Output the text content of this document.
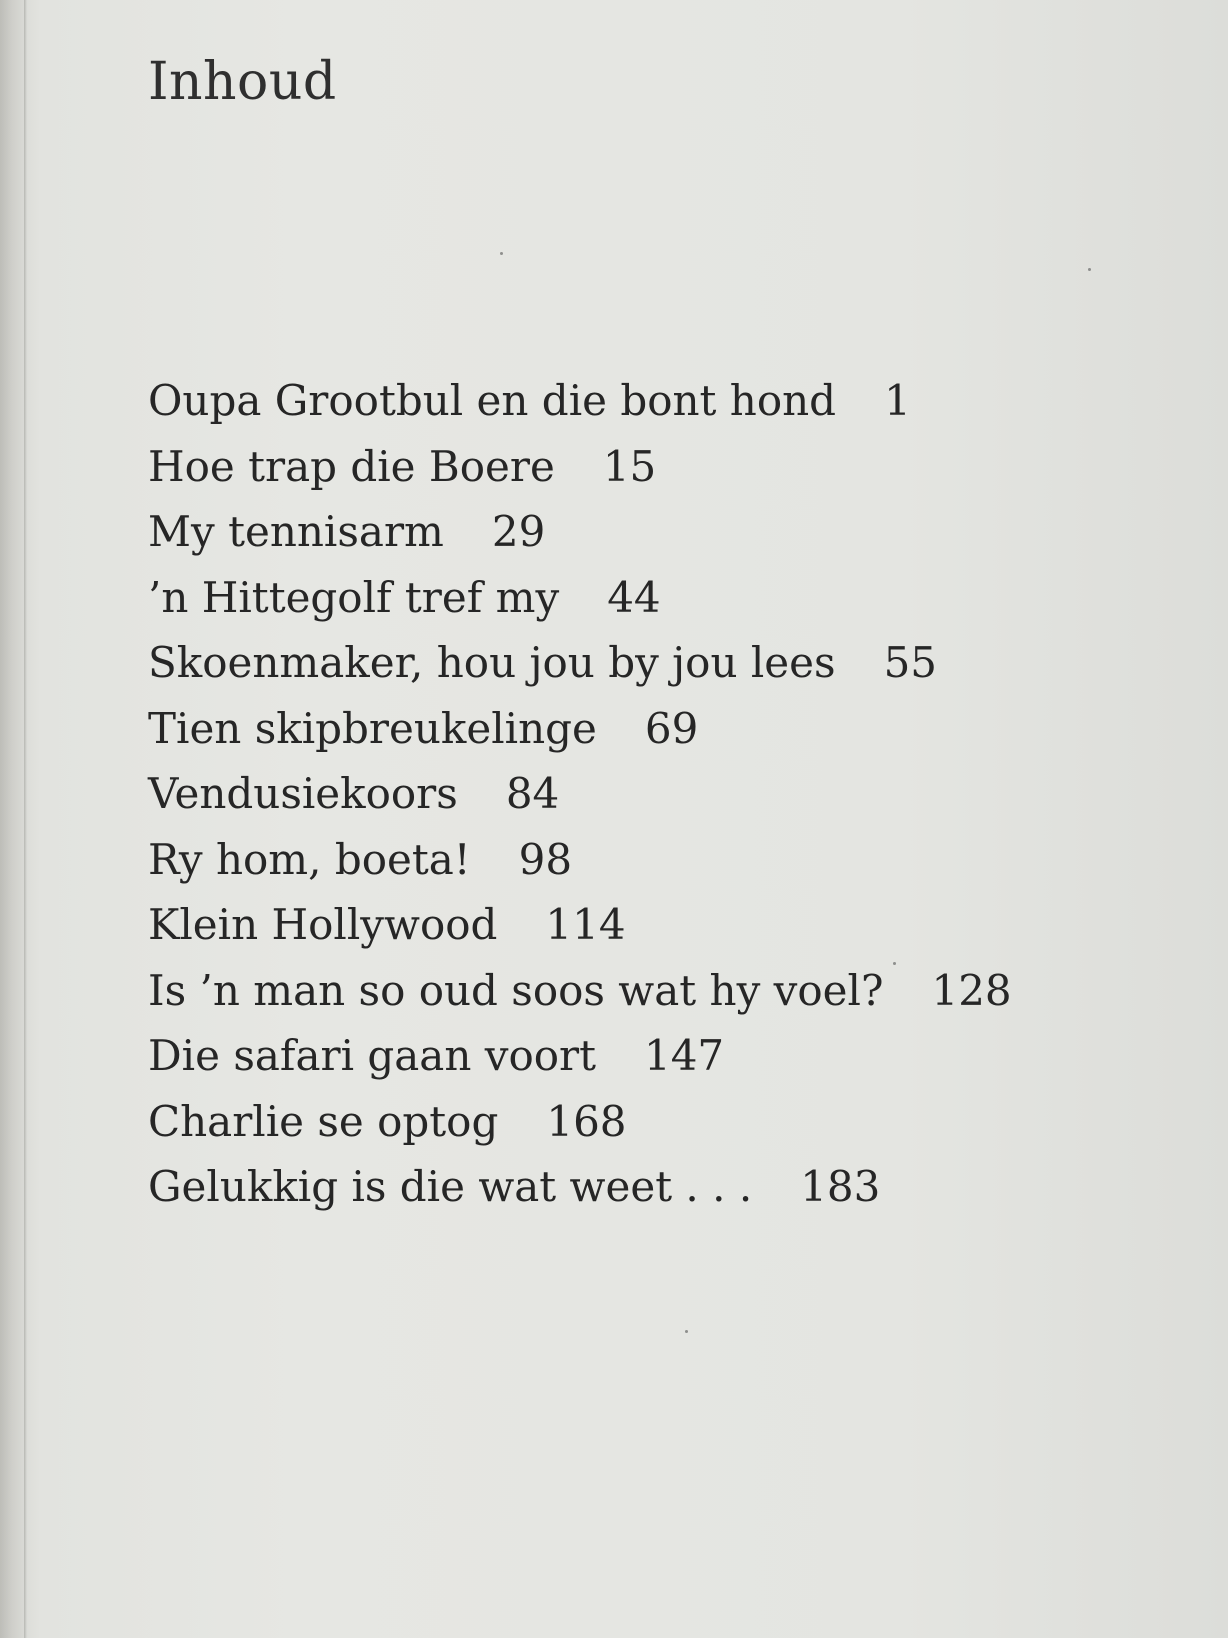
Inhoud
Oupa Grootbul en die bont hond 1
Hoe trap die Boere 15
My tennisarm 29
’n Hittegolf tref my 44
Skoenmaker, hou jou by jou lees 55
Tien skipbreukelinge 69
Vendusiekoors 84
Ry hom, boeta! 98
Klein Hollywood 114
Is ’n man so oud soos wat hy voel? 128
Die safari gaan voort 147
Charlie se optog 168
Gelukkig is die wat weet . . . 183
